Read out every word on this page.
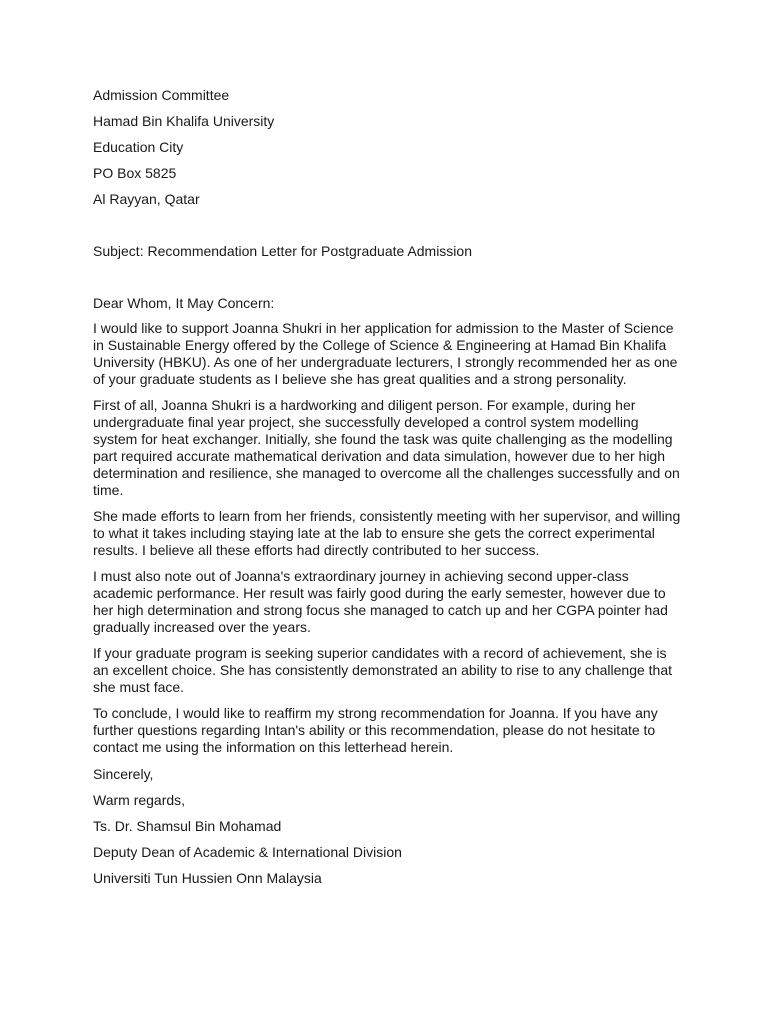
Admission Committee
Hamad Bin Khalifa University
Education City
PO Box 5825
Al Rayyan, Qatar
Subject: Recommendation Letter for Postgraduate Admission
Dear Whom, It May Concern:

I would like to support Joanna Shukri in her application for admission to the Master of Science in Sustainable Energy offered by the College of Science & Engineering at Hamad Bin Khalifa University (HBKU). As one of her undergraduate lecturers, I strongly recommended her as one of your graduate students as I believe she has great qualities and a strong personality.

First of all, Joanna Shukri is a hardworking and diligent person. For example, during her undergraduate final year project, she successfully developed a control system modelling system for heat exchanger. Initially, she found the task was quite challenging as the modelling part required accurate mathematical derivation and data simulation, however due to her high determination and resilience, she managed to overcome all the challenges successfully and on time.

She made efforts to learn from her friends, consistently meeting with her supervisor, and willing to what it takes including staying late at the lab to ensure she gets the correct experimental results. I believe all these efforts had directly contributed to her success.

I must also note out of Joanna's extraordinary journey in achieving second upper-class academic performance. Her result was fairly good during the early semester, however due to her high determination and strong focus she managed to catch up and her CGPA pointer had gradually increased over the years.

If your graduate program is seeking superior candidates with a record of achievement, she is an excellent choice. She has consistently demonstrated an ability to rise to any challenge that she must face.

To conclude, I would like to reaffirm my strong recommendation for Joanna. If you have any further questions regarding Intan's ability or this recommendation, please do not hesitate to contact me using the information on this letterhead herein.

Sincerely,
Warm regards,
Ts. Dr. Shamsul Bin Mohamad
Deputy Dean of Academic & International Division
Universiti Tun Hussien Onn Malaysia
